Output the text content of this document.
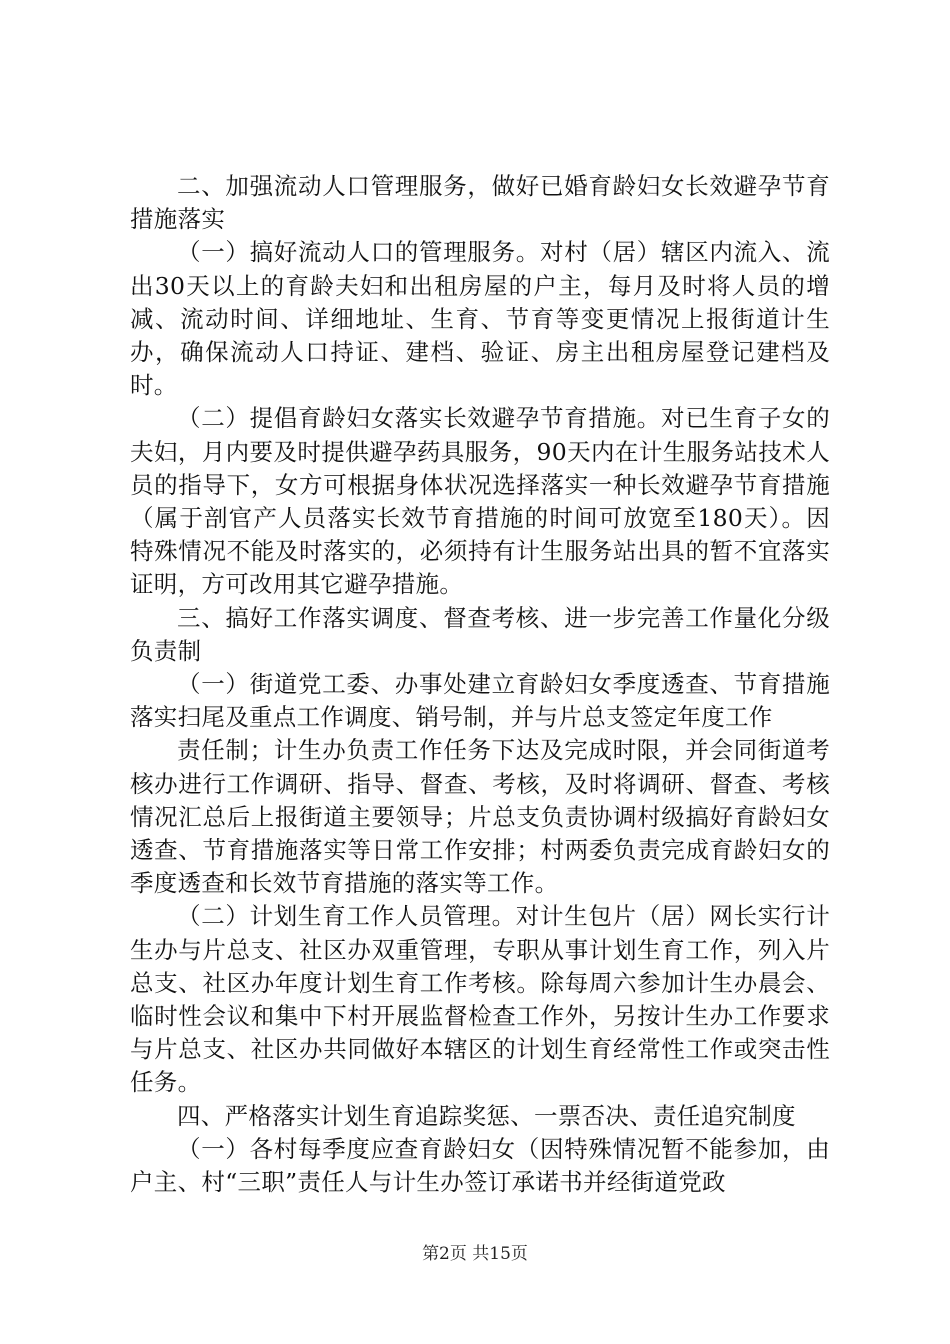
二、加强流动人口管理服务，做好已婚育龄妇女长效避孕节育措施落实

（一）搞好流动人口的管理服务。对村（居）辖区内流入、流出30天以上的育龄夫妇和出租房屋的户主，每月及时将人员的增减、流动时间、详细地址、生育、节育等变更情况上报街道计生办，确保流动人口持证、建档、验证、房主出租房屋登记建档及时。

（二）提倡育龄妇女落实长效避孕节育措施。对已生育子女的夫妇，月内要及时提供避孕药具服务，90天内在计生服务站技术人员的指导下，女方可根据身体状况选择落实一种长效避孕节育措施（属于剖官产人员落实长效节育措施的时间可放宽至180天）。因特殊情况不能及时落实的，必须持有计生服务站出具的暂不宜落实证明，方可改用其它避孕措施。

三、搞好工作落实调度、督查考核、进一步完善工作量化分级负责制

（一）街道党工委、办事处建立育龄妇女季度透查、节育措施落实扫尾及重点工作调度、销号制，并与片总支签定年度工作

责任制；计生办负责工作任务下达及完成时限，并会同街道考核办进行工作调研、指导、督查、考核，及时将调研、督查、考核情况汇总后上报街道主要领导；片总支负责协调村级搞好育龄妇女透查、节育措施落实等日常工作安排；村两委负责完成育龄妇女的季度透查和长效节育措施的落实等工作。

（二）计划生育工作人员管理。对计生包片（居）网长实行计生办与片总支、社区办双重管理，专职从事计划生育工作，列入片总支、社区办年度计划生育工作考核。除每周六参加计生办晨会、临时性会议和集中下村开展监督检查工作外，另按计生办工作要求与片总支、社区办共同做好本辖区的计划生育经常性工作或突击性任务。

四、严格落实计划生育追踪奖惩、一票否决、责任追究制度

（一）各村每季度应查育龄妇女（因特殊情况暂不能参加，由户主、村“三职”责任人与计生办签订承诺书并经街道党政

第2页 共15页
